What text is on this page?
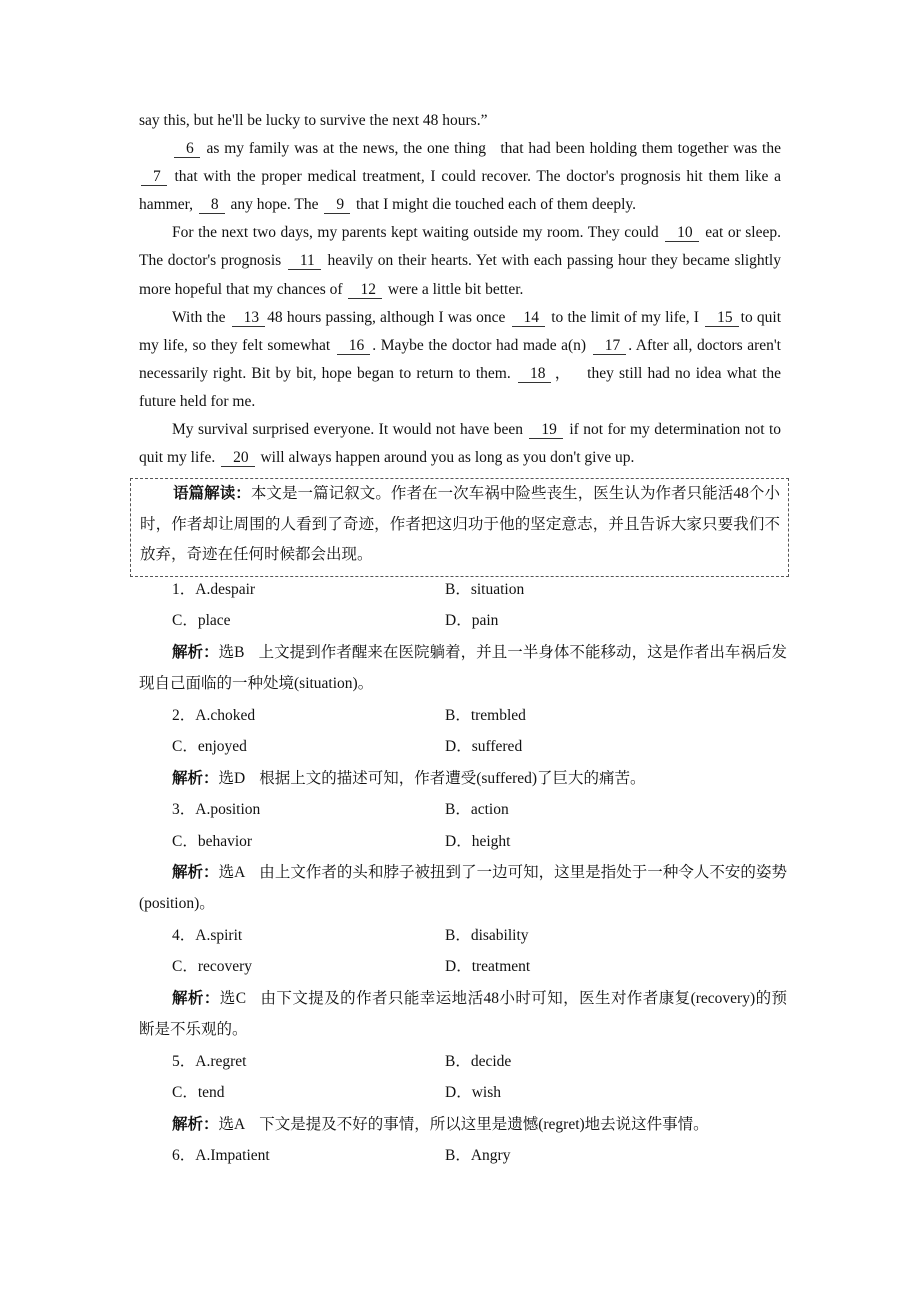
say this, but he'll be lucky to survive the next 48 hours.”

6 as my family was at the news, the one thing   that had been holding them together was the 7 that with the proper medical treatment, I could recover. The doctor's prognosis hit them like a hammer, 8 any hope. The 9 that I might die touched each of them deeply.

For the next two days, my parents kept waiting outside my room. They could 10 eat or sleep. The doctor's prognosis 11 heavily on their hearts. Yet with each passing hour they became slightly more hopeful that my chances of 12 were a little bit better.

With the 13 48 hours passing, although I was once 14 to the limit of my life, I 15 to quit my life, so they felt somewhat 16 . Maybe the doctor had made a(n) 17 . After all, doctors aren't necessarily right. Bit by bit, hope began to return to them. 18 ，   they still had no idea what the future held for me.

My survival surprised everyone. It would not have been 19 if not for my determination not to quit my life. 20 will always happen around you as long as you don't give up.

语篇解读：本文是一篇记叙文。作者在一次车祸中险些丧生，医生认为作者只能活48个小时，作者却让周围的人看到了奇迹，作者把这归功于他的坚定意志，并且告诉大家只要我们不放弃，奇迹在任何时候都会出现。

1．A.despair	B．situation
C．place	D．pain

解析：选B 上文提到作者醒来在医院躺着，并且一半身体不能移动，这是作者出车祸后发现自己面临的一种处境(situation)。

2．A.choked	B．trembled
C．enjoyed	D．suffered

解析：选D 根据上文的描述可知，作者遭受(suffered)了巨大的痛苦。

3．A.position	B．action
C．behavior	D．height

解析：选A 由上文作者的头和脖子被扭到了一边可知，这里是指处于一种令人不安的姿势(position)。

4．A.spirit	B．disability
C．recovery	D．treatment

解析：选C 由下文提及的作者只能幸运地活48小时可知，医生对作者康复(recovery)的预断是不乐观的。

5．A.regret	B．decide
C．tend	D．wish

解析：选A 下文是提及不好的事情，所以这里是遗憾(regret)地去说这件事情。

6．A.Impatient	B．Angry
